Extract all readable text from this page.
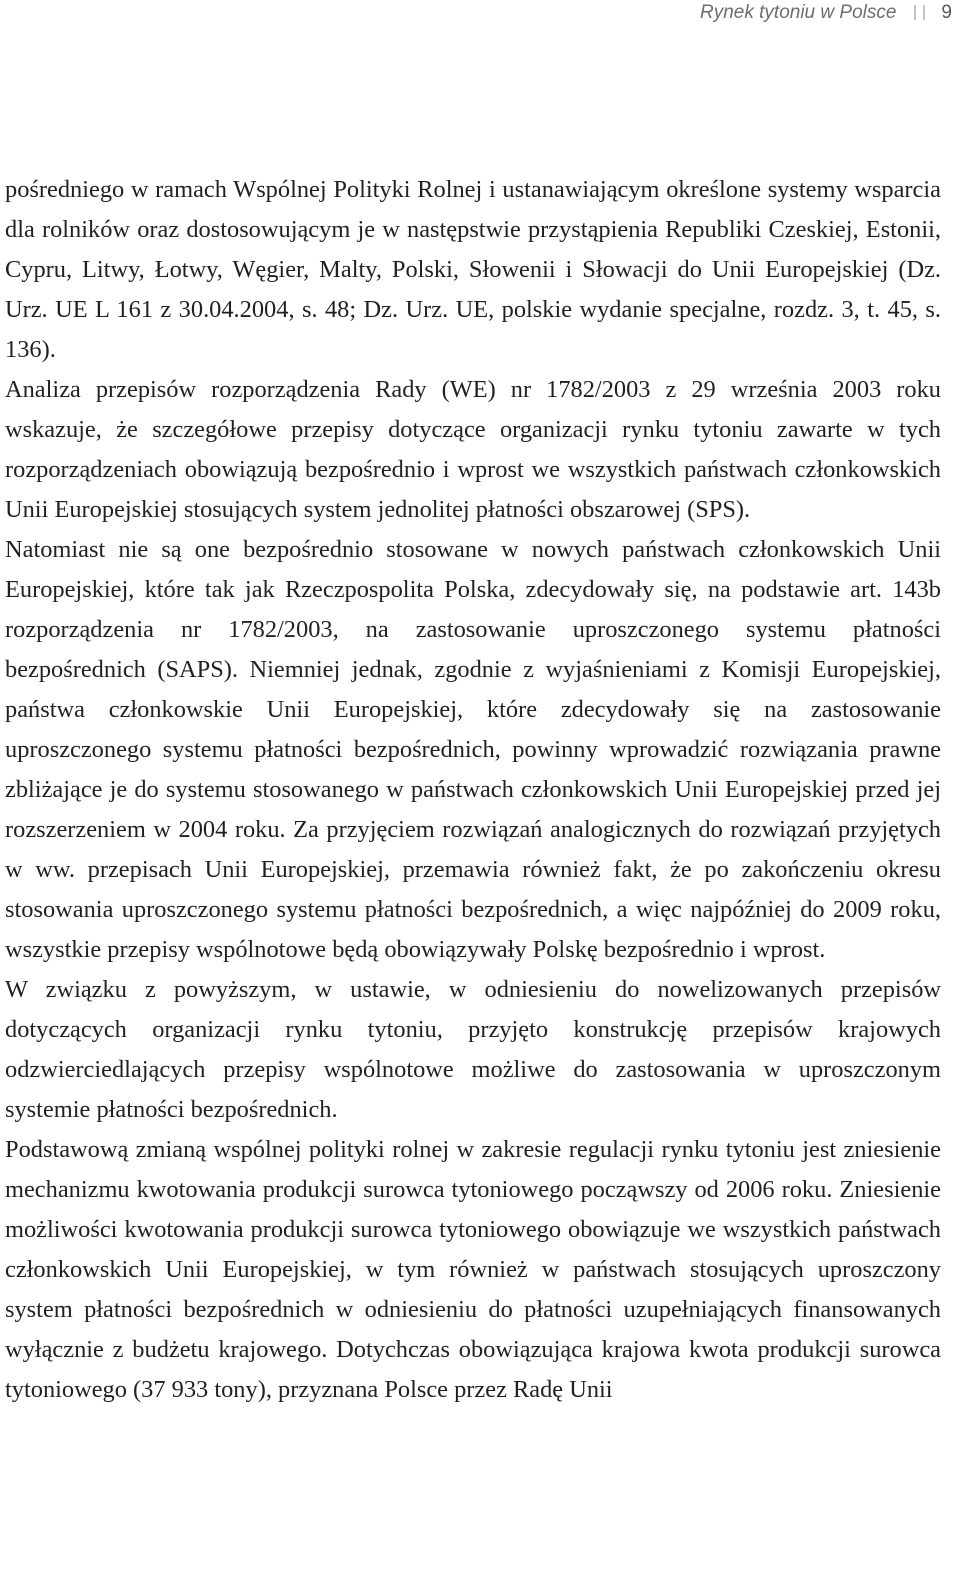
Rynek tytoniu w Polsce 9

pośredniego w ramach Wspólnej Polityki Rolnej i ustanawiającym określone systemy wsparcia dla rolników oraz dostosowującym je w następstwie przystąpienia Republiki Czeskiej, Estonii, Cypru, Litwy, Łotwy, Węgier, Malty, Polski, Słowenii i Słowacji do Unii Europejskiej (Dz. Urz. UE L 161 z 30.04.2004, s. 48; Dz. Urz. UE, polskie wydanie specjalne, rozdz. 3, t. 45, s. 136).

Analiza przepisów rozporządzenia Rady (WE) nr 1782/2003 z 29 września 2003 roku wskazuje, że szczegółowe przepisy dotyczące organizacji rynku tytoniu zawarte w tych rozporządzeniach obowiązują bezpośrednio i wprost we wszystkich państwach członkowskich Unii Europejskiej stosujących system jednolitej płatności obszarowej (SPS).

Natomiast nie są one bezpośrednio stosowane w nowych państwach członkowskich Unii Europejskiej, które tak jak Rzeczpospolita Polska, zdecydowały się, na podstawie art. 143b rozporządzenia nr 1782/2003, na zastosowanie uproszczonego systemu płatności bezpośrednich (SAPS). Niemniej jednak, zgodnie z wyjaśnieniami z Komisji Europejskiej, państwa członkowskie Unii Europejskiej, które zdecydowały się na zastosowanie uproszczonego systemu płatności bezpośrednich, powinny wprowadzić rozwiązania prawne zbliżające je do systemu stosowanego w państwach członkowskich Unii Europejskiej przed jej rozszerzeniem w 2004 roku. Za przyjęciem rozwiązań analogicznych do rozwiązań przyjętych w ww. przepisach Unii Europejskiej, przemawia również fakt, że po zakończeniu okresu stosowania uproszczonego systemu płatności bezpośrednich, a więc najpóźniej do 2009 roku, wszystkie przepisy wspólnotowe będą obowiązywały Polskę bezpośrednio i wprost.

W związku z powyższym, w ustawie, w odniesieniu do nowelizowanych przepisów dotyczących organizacji rynku tytoniu, przyjęto konstrukcję przepisów krajowych odzwierciedlających przepisy wspólnotowe możliwe do zastosowania w uproszczonym systemie płatności bezpośrednich.

Podstawową zmianą wspólnej polityki rolnej w zakresie regulacji rynku tytoniu jest zniesienie mechanizmu kwotowania produkcji surowca tytoniowego począwszy od 2006 roku. Zniesienie możliwości kwotowania produkcji surowca tytoniowego obowiązuje we wszystkich państwach członkowskich Unii Europejskiej, w tym również w państwach stosujących uproszczony system płatności bezpośrednich w odniesieniu do płatności uzupełniających finansowanych wyłącznie z budżetu krajowego. Dotychczas obowiązująca krajowa kwota produkcji surowca tytoniowego (37 933 tony), przyznana Polsce przez Radę Unii
